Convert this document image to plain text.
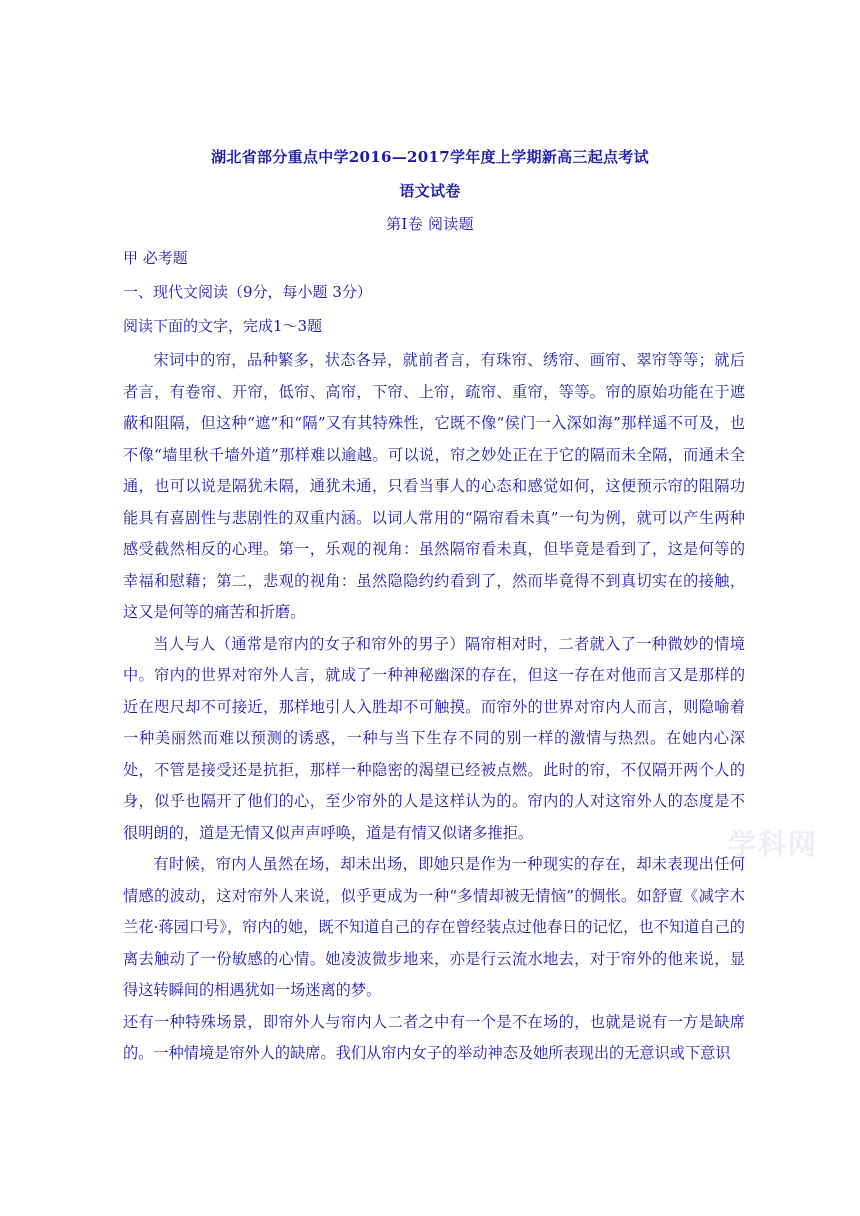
湖北省部分重点中学2016—2017学年度上学期新高三起点考试
语文试卷
第Ⅰ卷 阅读题
甲 必考题
一、现代文阅读（9分，每小题 3分）
阅读下面的文字，完成1～3题

宋词中的帘，品种繁多，状态各异，就前者言，有珠帘、绣帘、画帘、翠帘等等；就后者言，有卷帘、开帘，低帘、高帘，下帘、上帘，疏帘、重帘，等等。帘的原始功能在于遮蔽和阻隔，但这种“遮”和“隔”又有其特殊性，它既不像“侯门一入深如海”那样遥不可及，也不像“墙里秋千墙外道”那样难以逾越。可以说，帘之妙处正在于它的隔而未全隔，而通未全通，也可以说是隔犹未隔，通犹未通，只看当事人的心态和感觉如何，这便预示帘的阻隔功能具有喜剧性与悲剧性的双重内涵。以词人常用的“隔帘看未真”一句为例，就可以产生两种感受截然相反的心理。第一，乐观的视角：虽然隔帘看未真，但毕竟是看到了，这是何等的幸福和慰藉；第二，悲观的视角：虽然隐隐约约看到了，然而毕竟得不到真切实在的接触，这又是何等的痛苦和折磨。

当人与人（通常是帘内的女子和帘外的男子）隔帘相对时，二者就入了一种微妙的情境中。帘内的世界对帘外人言，就成了一种神秘幽深的存在，但这一存在对他而言又是那样的近在咫尺却不可接近，那样地引人入胜却不可触摸。而帘外的世界对帘内人而言，则隐喻着一种美丽然而难以预测的诱惑，一种与当下生存不同的别一样的激情与热烈。在她内心深处，不管是接受还是抗拒，那样一种隐密的渴望已经被点燃。此时的帘，不仅隔开两个人的身，似乎也隔开了他们的心，至少帘外的人是这样认为的。帘内的人对这帘外人的态度是不很明朗的，道是无情又似声声呼唤，道是有情又似诸多推拒。

有时候，帘内人虽然在场，却未出场，即她只是作为一种现实的存在，却未表现出任何情感的波动，这对帘外人来说，似乎更成为一种“多情却被无情恼”的惆怅。如舒亶《减字木兰花·蒋园口号》，帘内的她，既不知道自己的存在曾经装点过他春日的记忆，也不知道自己的离去触动了一份敏感的心情。她凌波微步地来，亦是行云流水地去，对于帘外的他来说，显得这转瞬间的相遇犹如一场迷离的梦。

还有一种特殊场景，即帘外人与帘内人二者之中有一个是不在场的，也就是说有一方是缺席的。一种情境是帘外人的缺席。我们从帘内女子的举动神态及她所表现出的无意识或下意识

学科网
